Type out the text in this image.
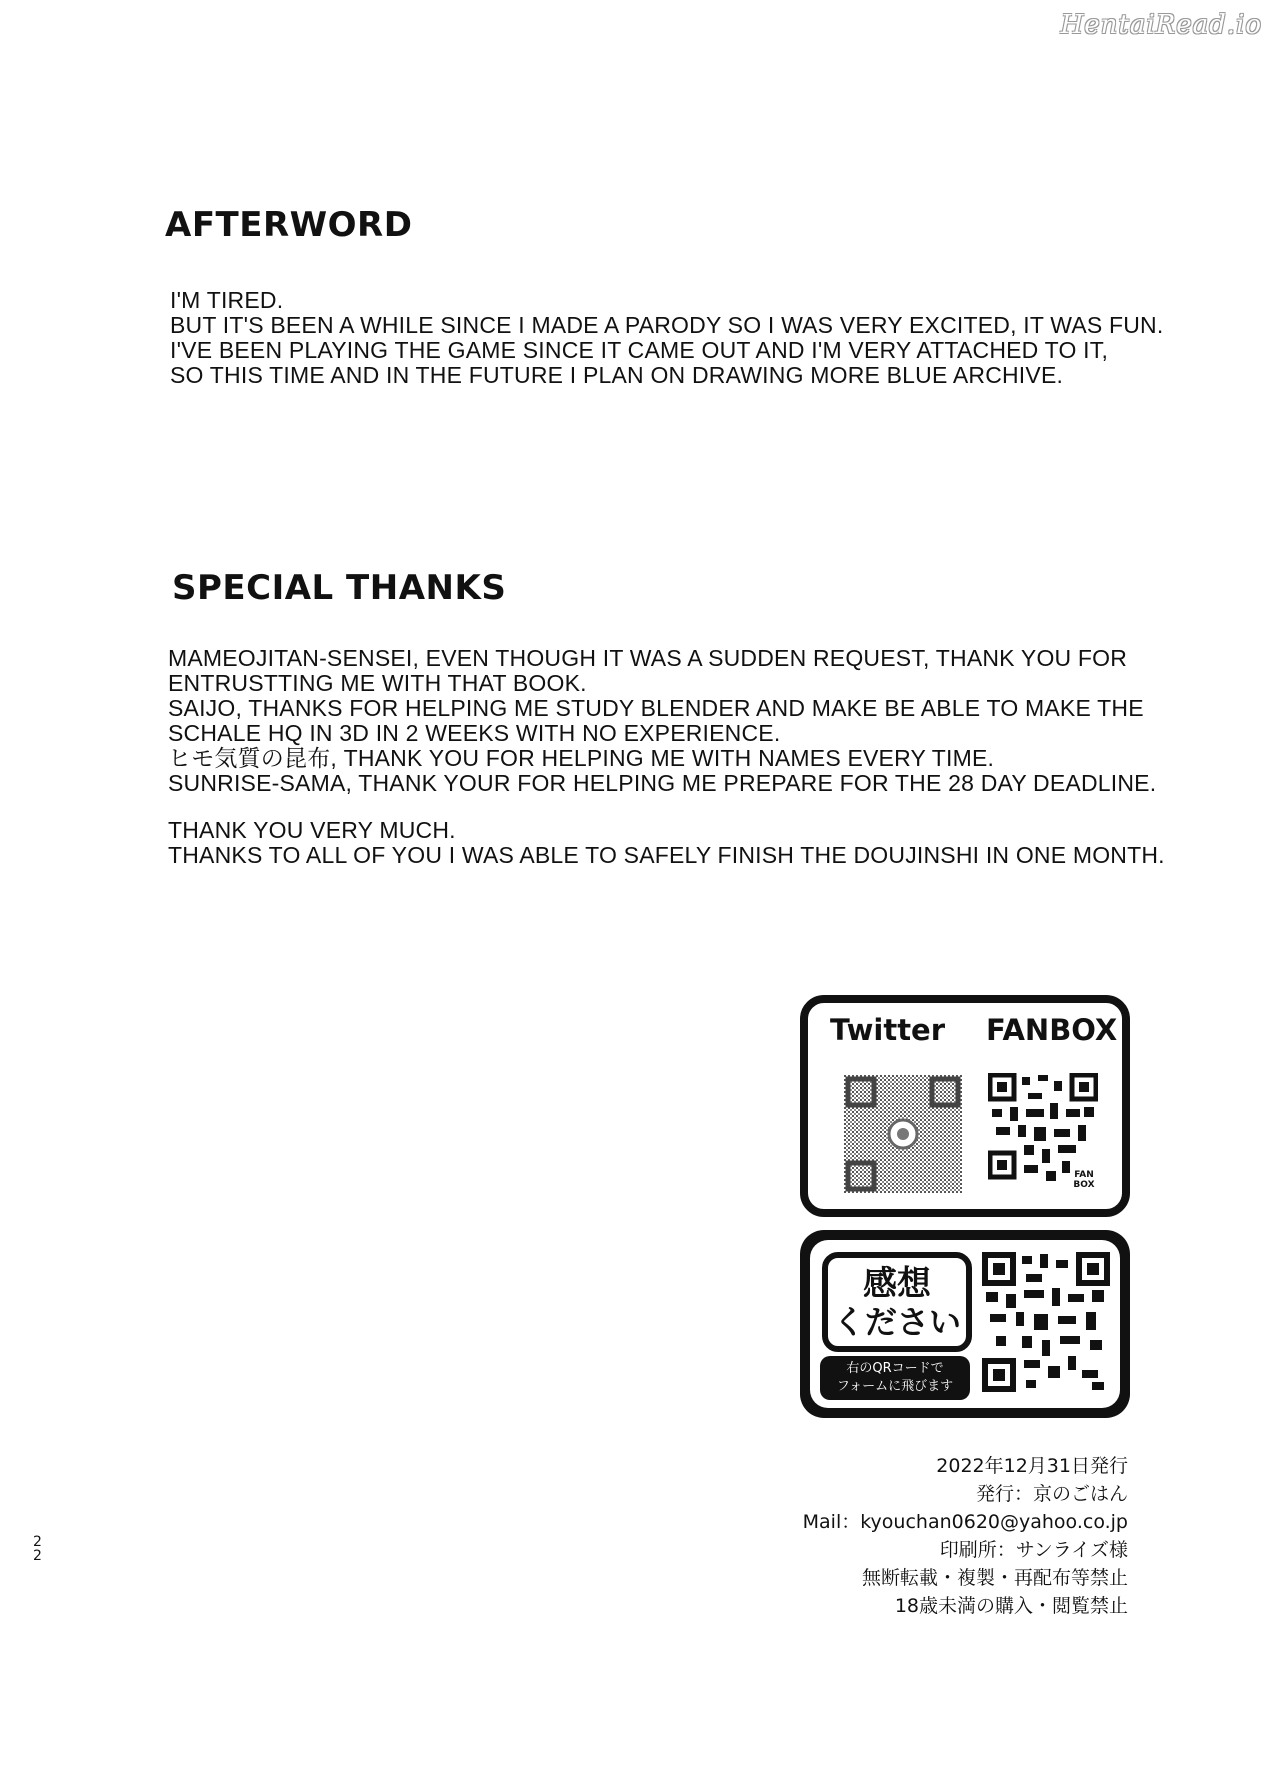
HentaiRead.io
AFTERWORD
I'M TIRED.
BUT IT'S BEEN A WHILE SINCE I MADE A PARODY SO I WAS VERY EXCITED, IT WAS FUN.
I'VE BEEN PLAYING THE GAME SINCE IT CAME OUT AND I'M VERY ATTACHED TO IT,
SO THIS TIME AND IN THE FUTURE I PLAN ON DRAWING MORE BLUE ARCHIVE.
SPECIAL THANKS
MAMEOJITAN-SENSEI, EVEN THOUGH IT WAS A SUDDEN REQUEST, THANK YOU FOR
ENTRUSTTING ME WITH THAT BOOK.
SAIJO, THANKS FOR HELPING ME STUDY BLENDER AND MAKE BE ABLE TO MAKE THE
SCHALE HQ IN 3D IN 2 WEEKS WITH NO EXPERIENCE.
ヒモ気質の昆布, THANK YOU FOR HELPING ME WITH NAMES EVERY TIME.
SUNRISE-SAMA, THANK YOUR FOR HELPING ME PREPARE FOR THE 28 DAY DEADLINE.
THANK YOU VERY MUCH.
THANKS TO ALL OF YOU I WAS ABLE TO SAFELY FINISH THE DOUJINSHI IN ONE MONTH.
Twitter FANBOX
FAN
BOX
感想
ください
右のQRコードで
フォームに飛びます
2022年12月31日発行
発行：京のごはん
Mail：kyouchan0620@yahoo.co.jp
印刷所：サンライズ様
無断転載・複製・再配布等禁止
18歳未満の購入・閲覧禁止
22
